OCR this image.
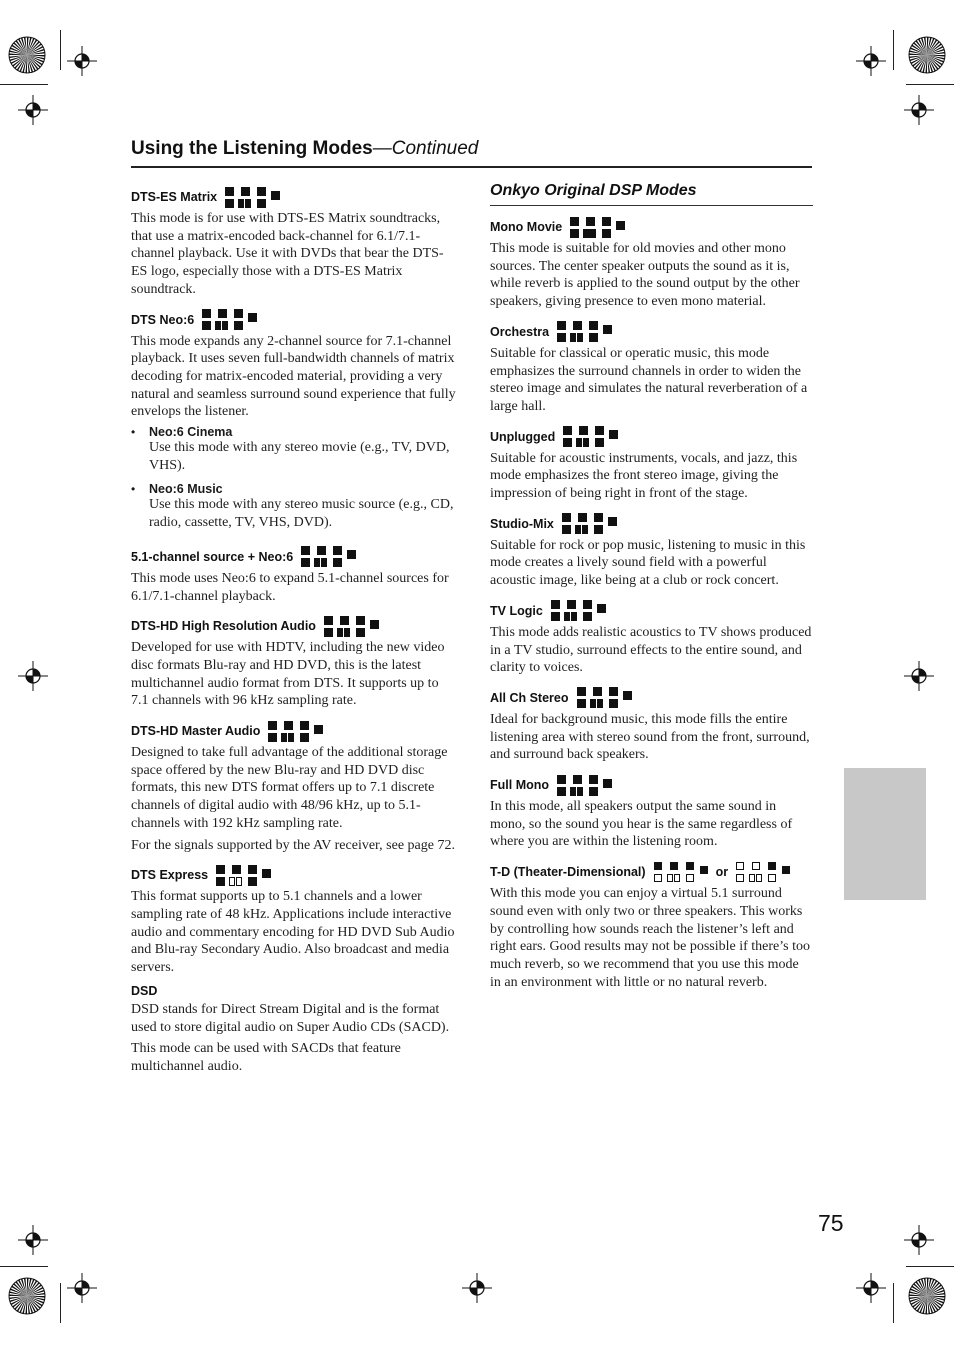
Using the Listening Modes—Continued
DTS-ES Matrix

This mode is for use with DTS-ES Matrix soundtracks, that use a matrix-encoded back-channel for 6.1/7.1-channel playback. Use it with DVDs that bear the DTS-ES logo, especially those with a DTS-ES Matrix soundtrack.

DTS Neo:6

This mode expands any 2-channel source for 7.1-channel playback. It uses seven full-bandwidth channels of matrix decoding for matrix-encoded material, providing a very natural and seamless surround sound experience that fully envelops the listener.

•	Neo:6 Cinema

Use this mode with any stereo movie (e.g., TV, DVD, VHS).

•	Neo:6 Music

Use this mode with any stereo music source (e.g., CD, radio, cassette, TV, VHS, DVD).

5.1-channel source + Neo:6

This mode uses Neo:6 to expand 5.1-channel sources for 6.1/7.1-channel playback.

DTS-HD High Resolution Audio

Developed for use with HDTV, including the new video disc formats Blu-ray and HD DVD, this is the latest multichannel audio format from DTS. It supports up to 7.1 channels with 96 kHz sampling rate.

DTS-HD Master Audio

Designed to take full advantage of the additional storage space offered by the new Blu-ray and HD DVD disc formats, this new DTS format offers up to 7.1 discrete channels of digital audio with 48/96 kHz, up to 5.1-channels with 192 kHz sampling rate.

For the signals supported by the AV receiver, see page 72.

DTS Express

This format supports up to 5.1 channels and a lower sampling rate of 48 kHz. Applications include interactive audio and commentary encoding for HD DVD Sub Audio and Blu-ray Secondary Audio. Also broadcast and media servers.

DSD

DSD stands for Direct Stream Digital and is the format used to store digital audio on Super Audio CDs (SACD).

This mode can be used with SACDs that feature multichannel audio.

Onkyo Original DSP Modes
Mono Movie

This mode is suitable for old movies and other mono sources. The center speaker outputs the sound as it is, while reverb is applied to the sound output by the other speakers, giving presence to even mono material.

Orchestra

Suitable for classical or operatic music, this mode emphasizes the surround channels in order to widen the stereo image and simulates the natural reverberation of a large hall.

Unplugged

Suitable for acoustic instruments, vocals, and jazz, this mode emphasizes the front stereo image, giving the impression of being right in front of the stage.

Studio-Mix

Suitable for rock or pop music, listening to music in this mode creates a lively sound field with a powerful acoustic image, like being at a club or rock concert.

TV Logic

This mode adds realistic acoustics to TV shows produced in a TV studio, surround effects to the entire sound, and clarity to voices.

All Ch Stereo

Ideal for background music, this mode fills the entire listening area with stereo sound from the front, surround, and surround back speakers.

Full Mono

In this mode, all speakers output the same sound in mono, so the sound you hear is the same regardless of where you are within the listening room.

T-D (Theater-Dimensional)	or

With this mode you can enjoy a virtual 5.1 surround sound even with only two or three speakers. This works by controlling how sounds reach the listener’s left and right ears. Good results may not be possible if there’s too much reverb, so we recommend that you use this mode in an environment with little or no natural reverb.

75
